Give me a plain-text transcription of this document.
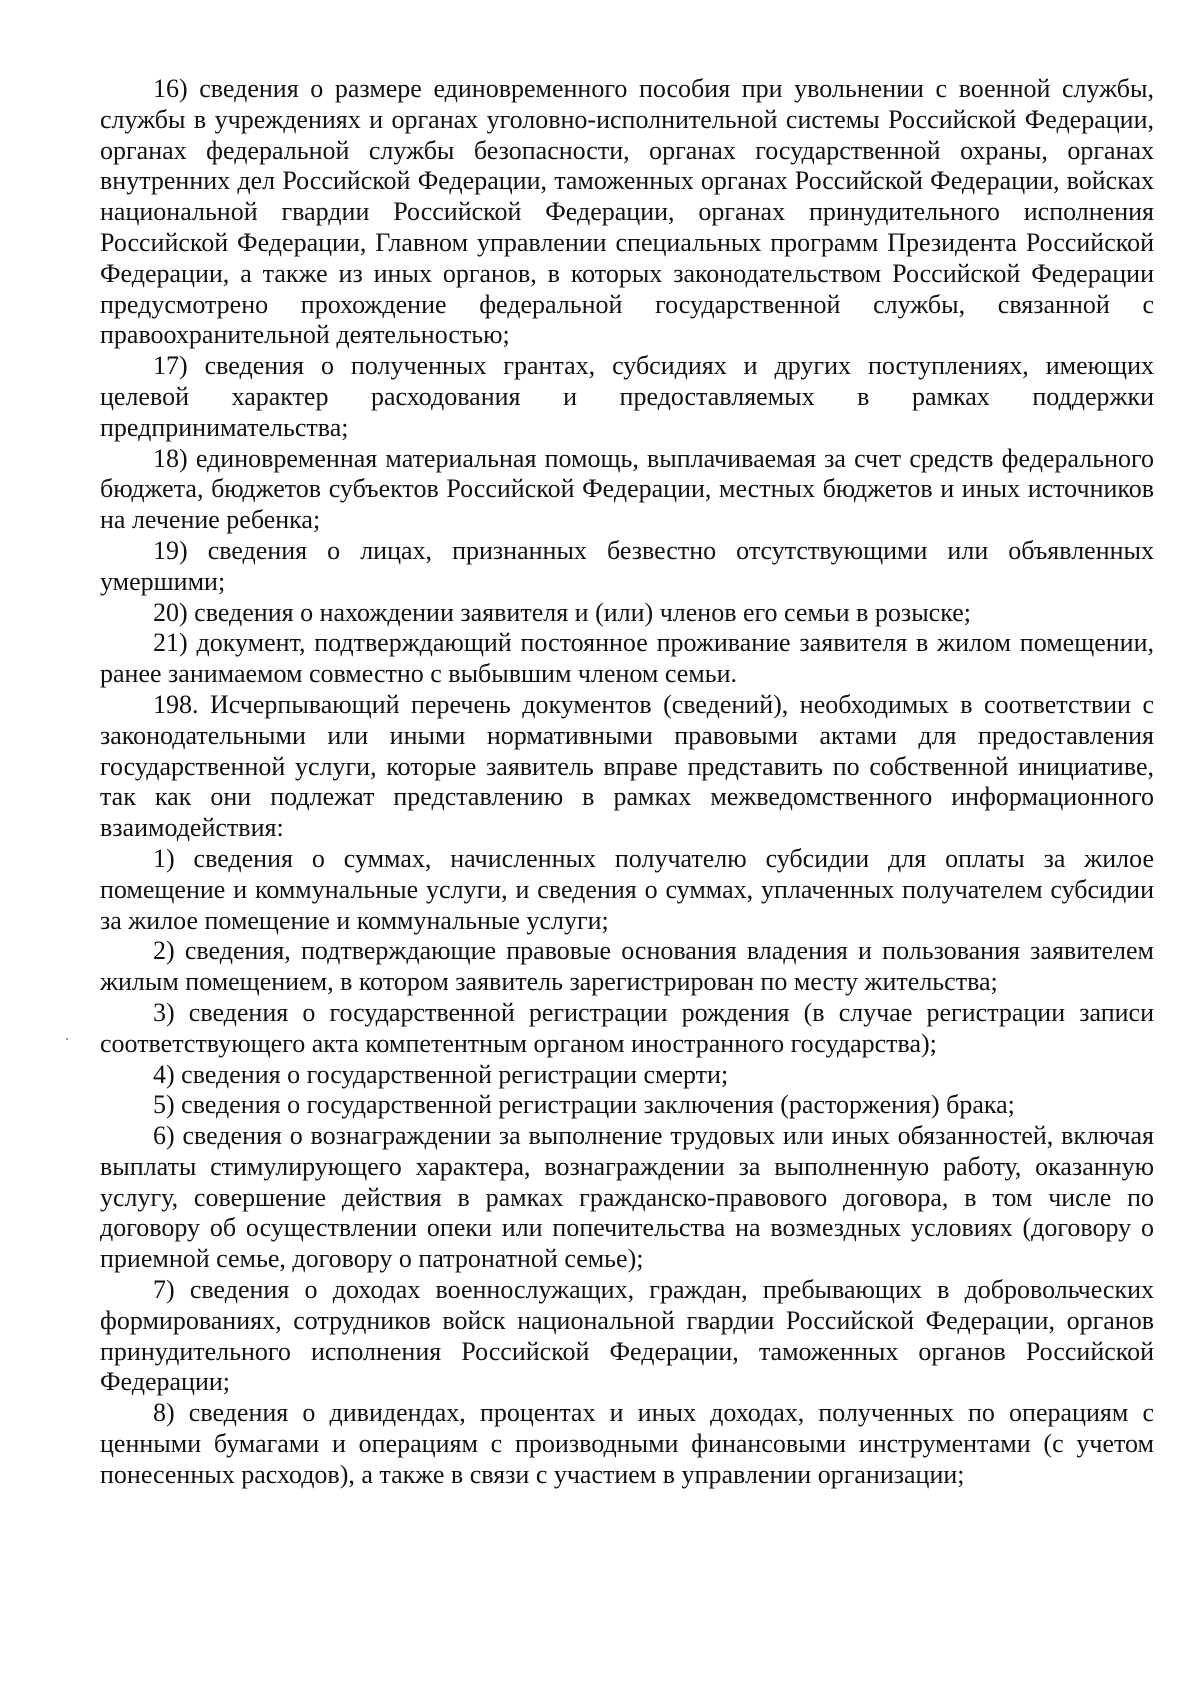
16) сведения о размере единовременного пособия при увольнении с военной службы, службы в учреждениях и органах уголовно-исполнительной системы Российской Федерации, органах федеральной службы безопасности, органах государственной охраны, органах внутренних дел Российской Федерации, таможенных органах Российской Федерации, войсках национальной гвардии Российской Федерации, органах принудительного исполнения Российской Федерации, Главном управлении специальных программ Президента Российской Федерации, а также из иных органов, в которых законодательством Российской Федерации предусмотрено прохождение федеральной государственной службы, связанной с правоохранительной деятельностью;

17) сведения о полученных грантах, субсидиях и других поступлениях, имеющих целевой характер расходования и предоставляемых в рамках поддержки предпринимательства;

18) единовременная материальная помощь, выплачиваемая за счет средств федерального бюджета, бюджетов субъектов Российской Федерации, местных бюджетов и иных источников на лечение ребенка;

19) сведения о лицах, признанных безвестно отсутствующими или объявленных умершими;

20) сведения о нахождении заявителя и (или) членов его семьи в розыске;

21) документ, подтверждающий постоянное проживание заявителя в жилом помещении, ранее занимаемом совместно с выбывшим членом семьи.

198. Исчерпывающий перечень документов (сведений), необходимых в соответствии с законодательными или иными нормативными правовыми актами для предоставления государственной услуги, которые заявитель вправе представить по собственной инициативе, так как они подлежат представлению в рамках межведомственного информационного взаимодействия:

1) сведения о суммах, начисленных получателю субсидии для оплаты за жилое помещение и коммунальные услуги, и сведения о суммах, уплаченных получателем субсидии за жилое помещение и коммунальные услуги;

2) сведения, подтверждающие правовые основания владения и пользования заявителем жилым помещением, в котором заявитель зарегистрирован по месту жительства;

3) сведения о государственной регистрации рождения (в случае регистрации записи соответствующего акта компетентным органом иностранного государства);

4) сведения о государственной регистрации смерти;

5) сведения о государственной регистрации заключения (расторжения) брака;

6) сведения о вознаграждении за выполнение трудовых или иных обязанностей, включая выплаты стимулирующего характера, вознаграждении за выполненную работу, оказанную услугу, совершение действия в рамках гражданско-правового договора, в том числе по договору об осуществлении опеки или попечительства на возмездных условиях (договору о приемной семье, договору о патронатной семье);

7) сведения о доходах военнослужащих, граждан, пребывающих в добровольческих формированиях, сотрудников войск национальной гвардии Российской Федерации, органов принудительного исполнения Российской Федерации, таможенных органов Российской Федерации;

8) сведения о дивидендах, процентах и иных доходах, полученных по операциям с ценными бумагами и операциям с производными финансовыми инструментами (с учетом понесенных расходов), а также в связи с участием в управлении организации;
